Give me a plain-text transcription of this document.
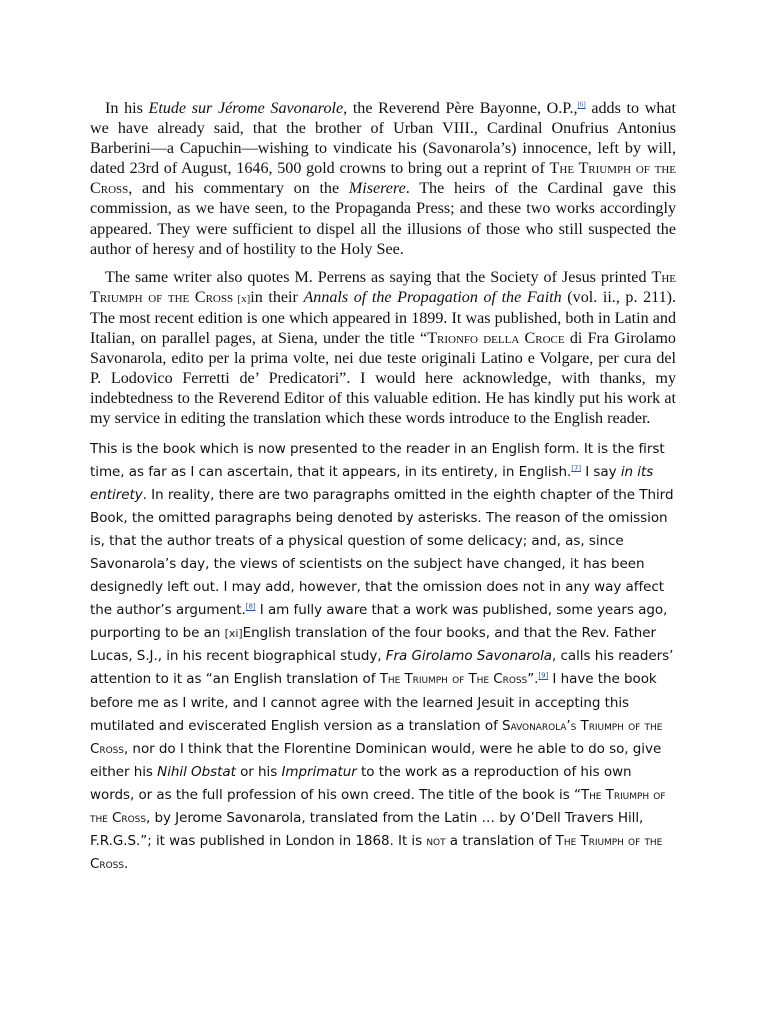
In his Etude sur Jérome Savonarole, the Reverend Père Bayonne, O.P.,[6] adds to what we have already said, that the brother of Urban VIII., Cardinal Onufrius Antonius Barberini—a Capuchin—wishing to vindicate his (Savonarola’s) innocence, left by will, dated 23rd of August, 1646, 500 gold crowns to bring out a reprint of The Triumph of the Cross, and his commentary on the Miserere. The heirs of the Cardinal gave this commission, as we have seen, to the Propaganda Press; and these two works accordingly appeared. They were sufficient to dispel all the illusions of those who still suspected the author of heresy and of hostility to the Holy See.

The same writer also quotes M. Perrens as saying that the Society of Jesus printed The Triumph of the Cross [x]in their Annals of the Propagation of the Faith (vol. ii., p. 211). The most recent edition is one which appeared in 1899. It was published, both in Latin and Italian, on parallel pages, at Siena, under the title “Trionfo della Croce di Fra Girolamo Savonarola, edito per la prima volte, nei due teste originali Latino e Volgare, per cura del P. Lodovico Ferretti de’ Predicatori”. I would here acknowledge, with thanks, my indebtedness to the Reverend Editor of this valuable edition. He has kindly put his work at my service in editing the translation which these words introduce to the English reader.

This is the book which is now presented to the reader in an English form. It is the first time, as far as I can ascertain, that it appears, in its entirety, in English.[7] I say in its entirety. In reality, there are two paragraphs omitted in the eighth chapter of the Third Book, the omitted paragraphs being denoted by asterisks. The reason of the omission is, that the author treats of a physical question of some delicacy; and, as, since Savonarola’s day, the views of scientists on the subject have changed, it has been designedly left out. I may add, however, that the omission does not in any way affect the author’s argument.[8] I am fully aware that a work was published, some years ago, purporting to be an [xi]English translation of the four books, and that the Rev. Father Lucas, S.J., in his recent biographical study, Fra Girolamo Savonarola, calls his readers’ attention to it as “an English translation of The Triumph of The Cross”.[9] I have the book before me as I write, and I cannot agree with the learned Jesuit in accepting this mutilated and eviscerated English version as a translation of Savonarola’s Triumph of the Cross, nor do I think that the Florentine Dominican would, were he able to do so, give either his Nihil Obstat or his Imprimatur to the work as a reproduction of his own words, or as the full profession of his own creed. The title of the book is “The Triumph of the Cross, by Jerome Savonarola, translated from the Latin … by O’Dell Travers Hill, F.R.G.S.”; it was published in London in 1868. It is not a translation of The Triumph of the Cross.
